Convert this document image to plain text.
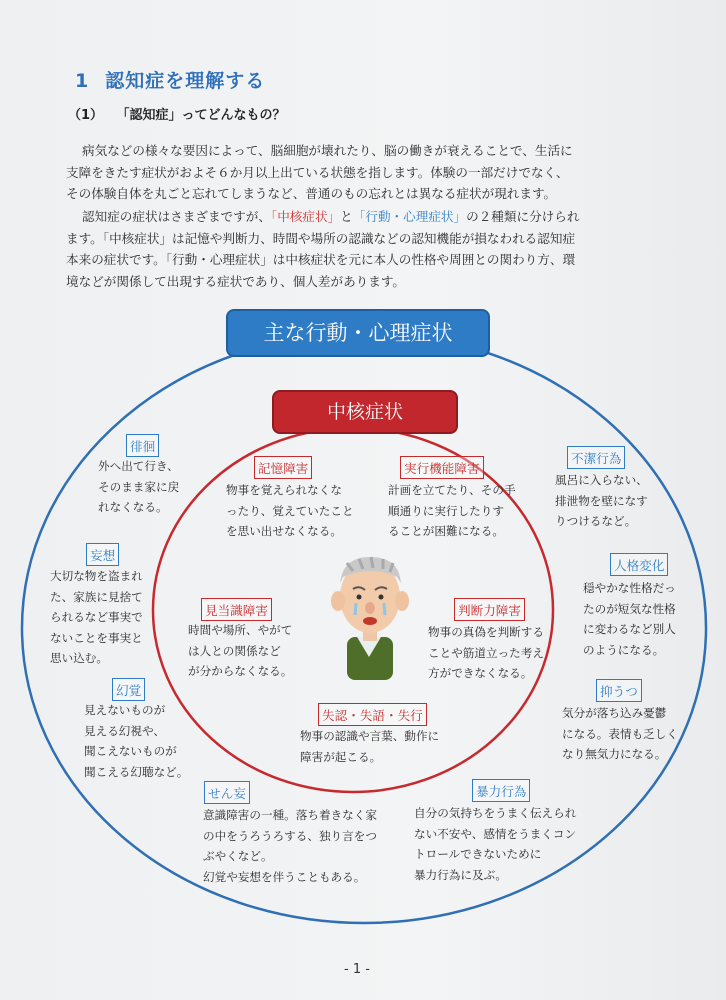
1 認知症を理解する
（1） 「認知症」ってどんなもの？
病気などの様々な要因によって、脳細胞が壊れたり、脳の働きが衰えることで、生活に
支障をきたす症状がおよそ６か月以上出ている状態を指します。体験の一部だけでなく、
その体験自体を丸ごと忘れてしまうなど、普通のもの忘れとは異なる症状が現れます。
認知症の症状はさまざまですが、「中核症状」と「行動・心理症状」の２種類に分けられ
ます。「中核症状」は記憶や判断力、時間や場所の認識などの認知機能が損なわれる認知症
本来の症状です。「行動・心理症状」は中核症状を元に本人の性格や周囲との関わり方、環
境などが関係して出現する症状であり、個人差があります。
主な行動・心理症状
中核症状
記憶障害
物事を覚えられなくな
ったり、覚えていたこと
を思い出せなくなる。
実行機能障害
計画を立てたり、その手
順通りに実行したりす
ることが困難になる。
見当識障害
時間や場所、やがて
は人との関係など
が分からなくなる。
判断力障害
物事の真偽を判断する
ことや筋道立った考え
方ができなくなる。
失認・失語・失行
物事の認識や言葉、動作に
障害が起こる。
徘徊
外へ出て行き、
そのまま家に戻
れなくなる。
妄想
大切な物を盗まれ
た、家族に見捨て
られるなど事実で
ないことを事実と
思い込む。
幻覚
見えないものが
見える幻視や、
聞こえないものが
聞こえる幻聴など。
せん妄
意識障害の一種。落ち着きなく家
の中をうろうろする、独り言をつ
ぶやくなど。
幻覚や妄想を伴うこともある。
暴力行為
自分の気持ちをうまく伝えられ
ない不安や、感情をうまくコン
トロールできないために
暴力行為に及ぶ。
不潔行為
風呂に入らない、
排泄物を壁になす
りつけるなど。
人格変化
穏やかな性格だっ
たのが短気な性格
に変わるなど別人
のようになる。
抑うつ
気分が落ち込み憂鬱
になる。表情も乏しく
なり無気力になる。
- 1 -
